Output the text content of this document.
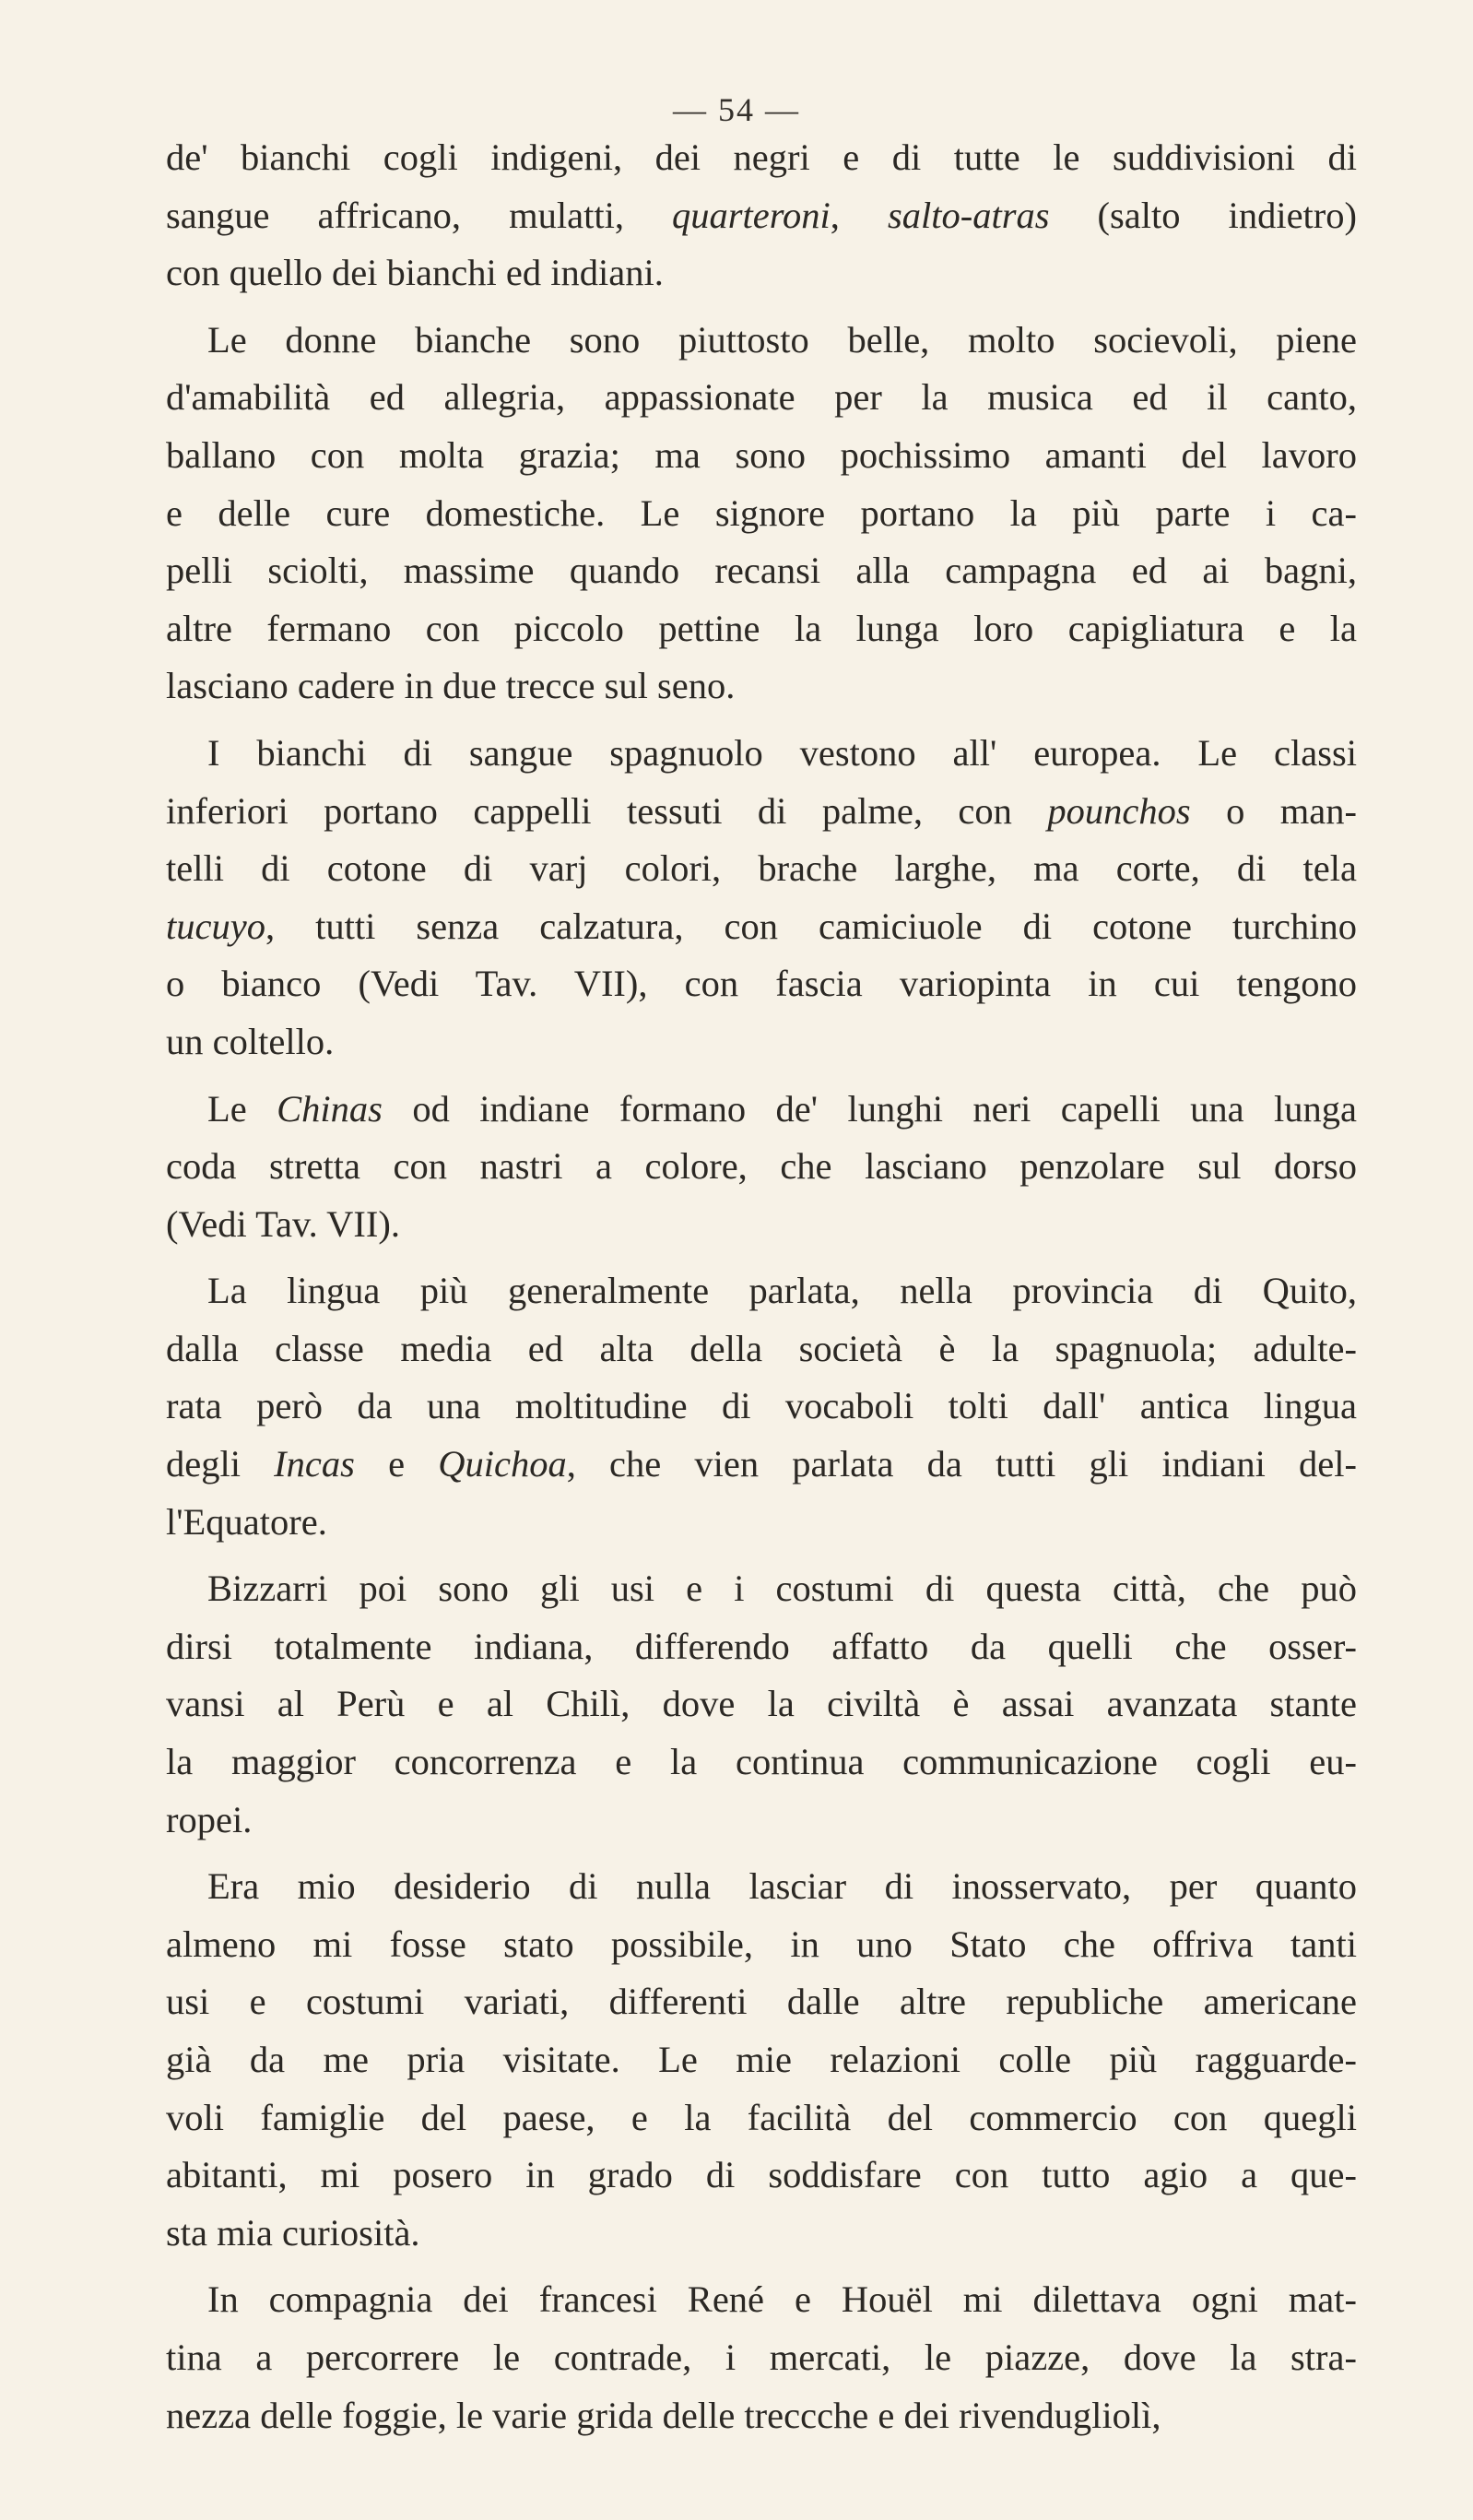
— 54 —
de' bianchi cogli indigeni, dei negri e di tutte le suddivisioni di
sangue affricano, mulatti, quarteroni, salto-atras (salto indietro)
con quello dei bianchi ed indiani.
Le donne bianche sono piuttosto belle, molto socievoli, piene
d'amabilità ed allegria, appassionate per la musica ed il canto,
ballano con molta grazia; ma sono pochissimo amanti del lavoro
e delle cure domestiche. Le signore portano la più parte i ca-
pelli sciolti, massime quando recansi alla campagna ed ai bagni,
altre fermano con piccolo pettine la lunga loro capigliatura e la
lasciano cadere in due trecce sul seno.
I bianchi di sangue spagnuolo vestono all' europea. Le classi
inferiori portano cappelli tessuti di palme, con pounchos o man-
telli di cotone di varj colori, brache larghe, ma corte, di tela
tucuyo, tutti senza calzatura, con camiciuole di cotone turchino
o bianco (Vedi Tav. VII), con fascia variopinta in cui tengono
un coltello.
Le Chinas od indiane formano de' lunghi neri capelli una lunga
coda stretta con nastri a colore, che lasciano penzolare sul dorso
(Vedi Tav. VII).
La lingua più generalmente parlata, nella provincia di Quito,
dalla classe media ed alta della società è la spagnuola; adulte-
rata però da una moltitudine di vocaboli tolti dall' antica lingua
degli Incas e Quichoa, che vien parlata da tutti gli indiani del-
l'Equatore.
Bizzarri poi sono gli usi e i costumi di questa città, che può
dirsi totalmente indiana, differendo affatto da quelli che osser-
vansi al Perù e al Chilì, dove la civiltà è assai avanzata stante
la maggior concorrenza e la continua communicazione cogli eu-
ropei.
Era mio desiderio di nulla lasciar di inosservato, per quanto
almeno mi fosse stato possibile, in uno Stato che offriva tanti
usi e costumi variati, differenti dalle altre republiche americane
già da me pria visitate. Le mie relazioni colle più ragguarde-
voli famiglie del paese, e la facilità del commercio con quegli
abitanti, mi posero in grado di soddisfare con tutto agio a que-
sta mia curiosità.
In compagnia dei francesi René e Houël mi dilettava ogni mat-
tina a percorrere le contrade, i mercati, le piazze, dove la stra-
nezza delle foggie, le varie grida delle treccche e dei rivendugliolì,
